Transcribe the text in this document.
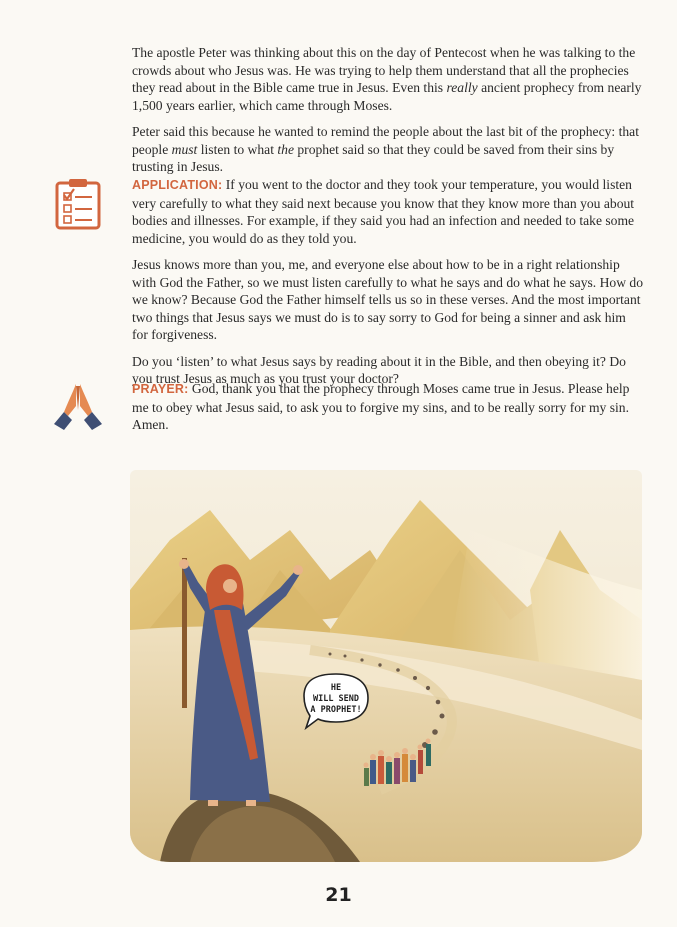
The apostle Peter was thinking about this on the day of Pentecost when he was talking to the crowds about who Jesus was. He was trying to help them understand that all the prophecies they read about in the Bible came true in Jesus. Even this really ancient prophecy from nearly 1,500 years earlier, which came through Moses.

Peter said this because he wanted to remind the people about the last bit of the prophecy: that people must listen to what the prophet said so that they could be saved from their sins by trusting in Jesus.

APPLICATION: If you went to the doctor and they took your temperature, you would listen very carefully to what they said next because you know that they know more than you about bodies and illnesses. For example, if they said you had an infection and needed to take some medicine, you would do as they told you.

Jesus knows more than you, me, and everyone else about how to be in a right relationship with God the Father, so we must listen carefully to what he says and do what he says. How do we know? Because God the Father himself tells us so in these verses. And the most important two things that Jesus says we must do is to say sorry to God for being a sinner and ask him for forgiveness.

Do you ‘listen’ to what Jesus says by reading about it in the Bible, and then obeying it? Do you trust Jesus as much as you trust your doctor?

PRAYER: God, thank you that the prophecy through Moses came true in Jesus. Please help me to obey what Jesus said, to ask you to forgive my sins, and to be really sorry for my sin. Amen.

HE
WILL SEND
A PROPHET!
21
